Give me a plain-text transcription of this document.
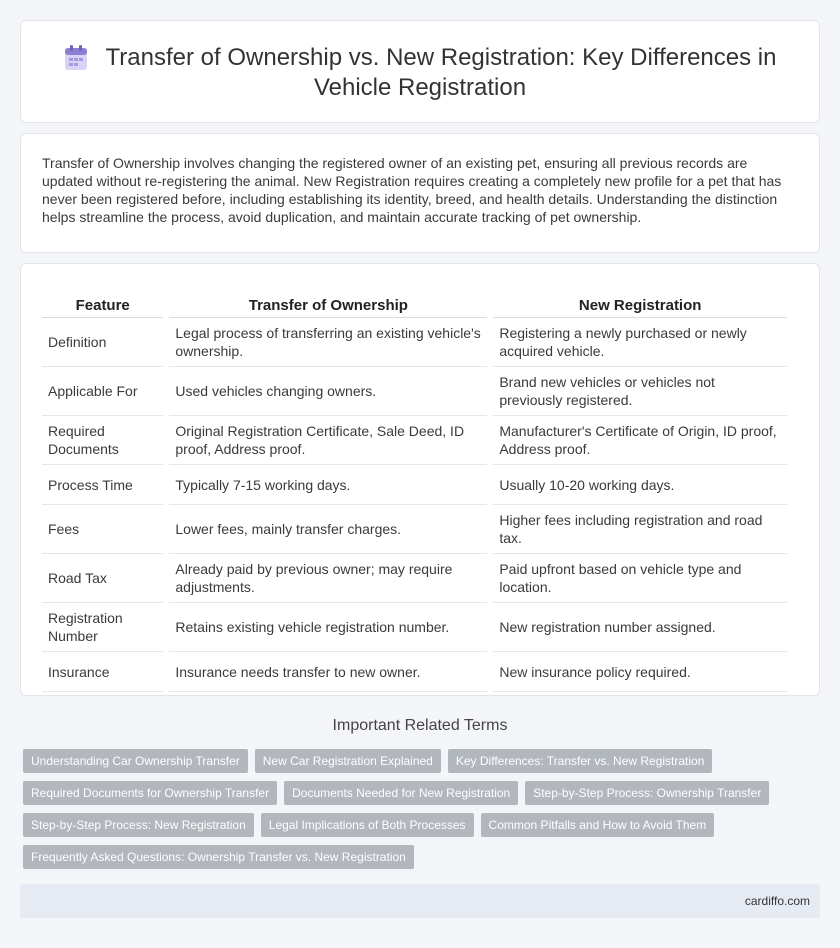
Transfer of Ownership vs. New Registration: Key Differences in Vehicle Registration

Transfer of Ownership involves changing the registered owner of an existing pet, ensuring all previous records are updated without re-registering the animal. New Registration requires creating a completely new profile for a pet that has never been registered before, including establishing its identity, breed, and health details. Understanding the distinction helps streamline the process, avoid duplication, and maintain accurate tracking of pet ownership.

Feature	Transfer of Ownership	New Registration
Definition	Legal process of transferring an existing vehicle's ownership.	Registering a newly purchased or newly acquired vehicle.
Applicable For	Used vehicles changing owners.	Brand new vehicles or vehicles not previously registered.
Required Documents	Original Registration Certificate, Sale Deed, ID proof, Address proof.	Manufacturer's Certificate of Origin, ID proof, Address proof.
Process Time	Typically 7-15 working days.	Usually 10-20 working days.
Fees	Lower fees, mainly transfer charges.	Higher fees including registration and road tax.
Road Tax	Already paid by previous owner; may require adjustments.	Paid upfront based on vehicle type and location.
Registration Number	Retains existing vehicle registration number.	New registration number assigned.
Insurance	Insurance needs transfer to new owner.	New insurance policy required.
Important Related Terms
Understanding Car Ownership Transfer	New Car Registration Explained	Key Differences: Transfer vs. New Registration
Required Documents for Ownership Transfer	Documents Needed for New Registration	Step-by-Step Process: Ownership Transfer
Step-by-Step Process: New Registration	Legal Implications of Both Processes	Common Pitfalls and How to Avoid Them
Frequently Asked Questions: Ownership Transfer vs. New Registration
cardiffo.com
